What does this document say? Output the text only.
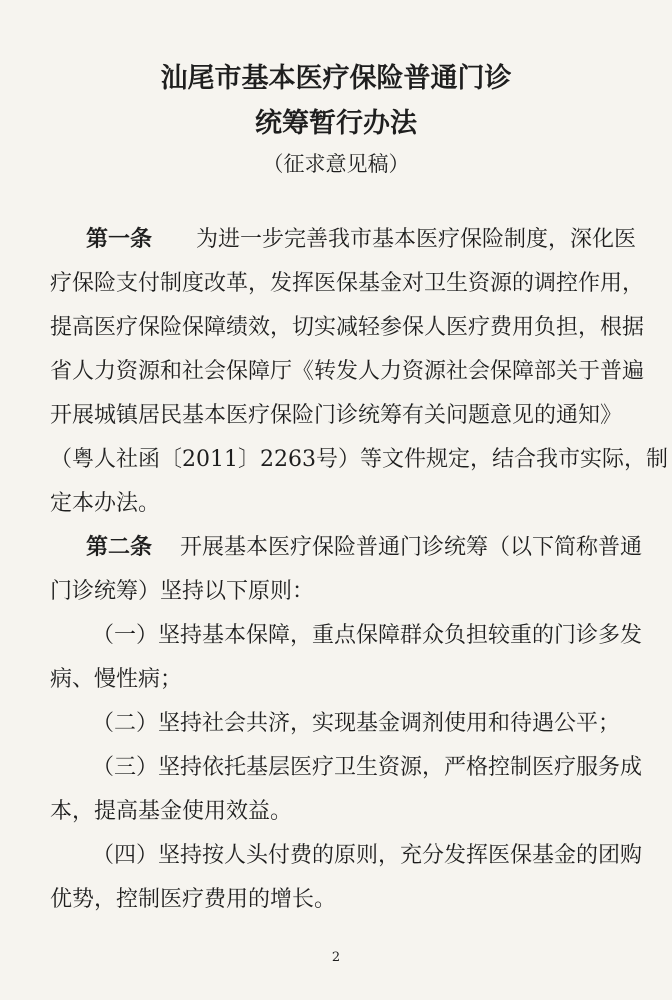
汕尾市基本医疗保险普通门诊
统筹暂行办法
（征求意见稿）
第一条 为进一步完善我市基本医疗保险制度，深化医
疗保险支付制度改革，发挥医保基金对卫生资源的调控作用，
提高医疗保险保障绩效，切实减轻参保人医疗费用负担，根据
省人力资源和社会保障厅《转发人力资源社会保障部关于普遍
开展城镇居民基本医疗保险门诊统筹有关问题意见的通知》
（粤人社函〔2011〕2263号）等文件规定，结合我市实际，制
定本办法。
第二条 开展基本医疗保险普通门诊统筹（以下简称普通
门诊统筹）坚持以下原则：
（一）坚持基本保障，重点保障群众负担较重的门诊多发
病、慢性病；
（二）坚持社会共济，实现基金调剂使用和待遇公平；
（三）坚持依托基层医疗卫生资源，严格控制医疗服务成
本，提高基金使用效益。
（四）坚持按人头付费的原则，充分发挥医保基金的团购
优势，控制医疗费用的增长。
2
